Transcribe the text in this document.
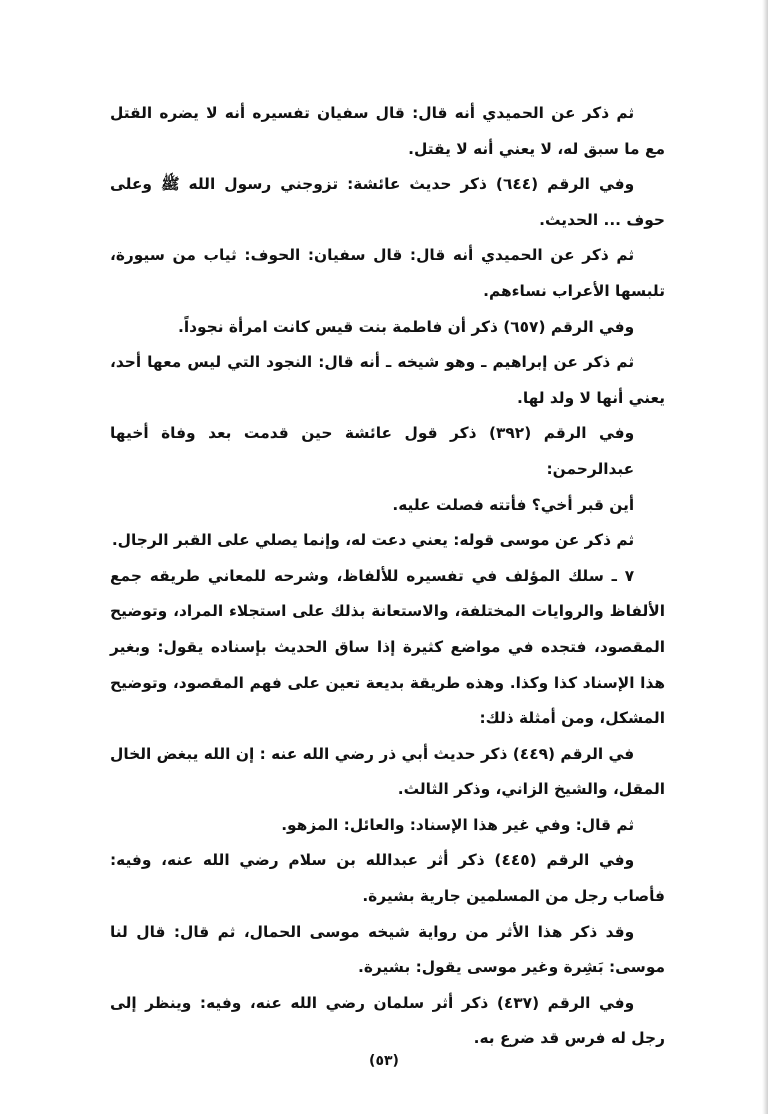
ثم ذكر عن الحميدي أنه قال: قال سفيان تفسيره أنه لا يضره القتل مع ما سبق له، لا يعني أنه لا يقتل.

وفي الرقم (٦٤٤) ذكر حديث عائشة: تزوجني رسول الله ﷺ وعلى حوف ... الحديث.

ثم ذكر عن الحميدي أنه قال: قال سفيان: الحوف: ثياب من سيورة، تلبسها الأعراب نساءهم.

وفي الرقم (٦٥٧) ذكر أن فاطمة بنت قيس كانت امرأة نجوداً.

ثم ذكر عن إبراهيم ـ وهو شيخه ـ أنه قال: النجود التي ليس معها أحد، يعني أنها لا ولد لها.

وفي الرقم (٣٩٢) ذكر قول عائشة حين قدمت بعد وفاة أخيها عبدالرحمن:

أين قبر أخي؟ فأتته فصلت عليه.

ثم ذكر عن موسى قوله: يعني دعت له، وإنما يصلي على القبر الرجال.

٧ ـ سلك المؤلف في تفسيره للألفاظ، وشرحه للمعاني طريقه جمع الألفاظ والروايات المختلفة، والاستعانة بذلك على استجلاء المراد، وتوضيح المقصود، فتجده في مواضع كثيرة إذا ساق الحديث بإسناده يقول: وبغير هذا الإسناد كذا وكذا. وهذه طريقة بديعة تعين على فهم المقصود، وتوضيح المشكل، ومن أمثلة ذلك:

في الرقم (٤٤٩) ذكر حديث أبي ذر رضي الله عنه : إن الله يبغض الخال المقل، والشيخ الزاني، وذكر الثالث.

ثم قال: وفي غير هذا الإسناد: والعائل: المزهو.

وفي الرقم (٤٤٥) ذكر أثر عبدالله بن سلام رضي الله عنه، وفيه: فأصاب رجل من المسلمين جارية بشيرة.

وقد ذكر هذا الأثر من رواية شيخه موسى الحمال، ثم قال: قال لنا موسى: بَشِرة وغير موسى يقول: بشيرة.

وفي الرقم (٤٣٧) ذكر أثر سلمان رضي الله عنه، وفيه: وينظر إلى رجل له فرس قد ضرع به.

(٥٣)
